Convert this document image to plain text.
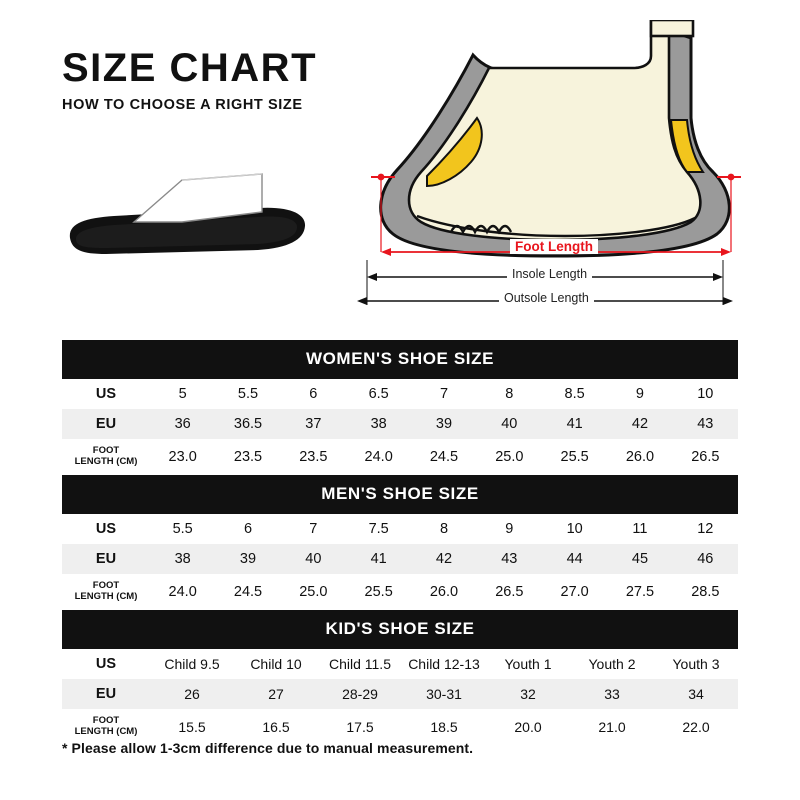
SIZE CHART
HOW TO CHOOSE A RIGHT SIZE
Foot Length
Insole Length
Outsole Length
WOMEN'S SHOE SIZE
US	5	5.5	6	6.5	7	8	8.5	9	10
EU	36	36.5	37	38	39	40	41	42	43
FOOT
LENGTH (CM)	23.0	23.5	23.5	24.0	24.5	25.0	25.5	26.0	26.5
MEN'S SHOE SIZE
US	5.5	6	7	7.5	8	9	10	11	12
EU	38	39	40	41	42	43	44	45	46
FOOT
LENGTH (CM)	24.0	24.5	25.0	25.5	26.0	26.5	27.0	27.5	28.5
KID'S SHOE SIZE
US	Child 9.5	Child 10	Child 11.5	Child 12-13	Youth 1	Youth 2	Youth 3
EU	26	27	28-29	30-31	32	33	34
FOOT
LENGTH (CM)	15.5	16.5	17.5	18.5	20.0	21.0	22.0
* Please allow 1-3cm difference due to manual measurement.
